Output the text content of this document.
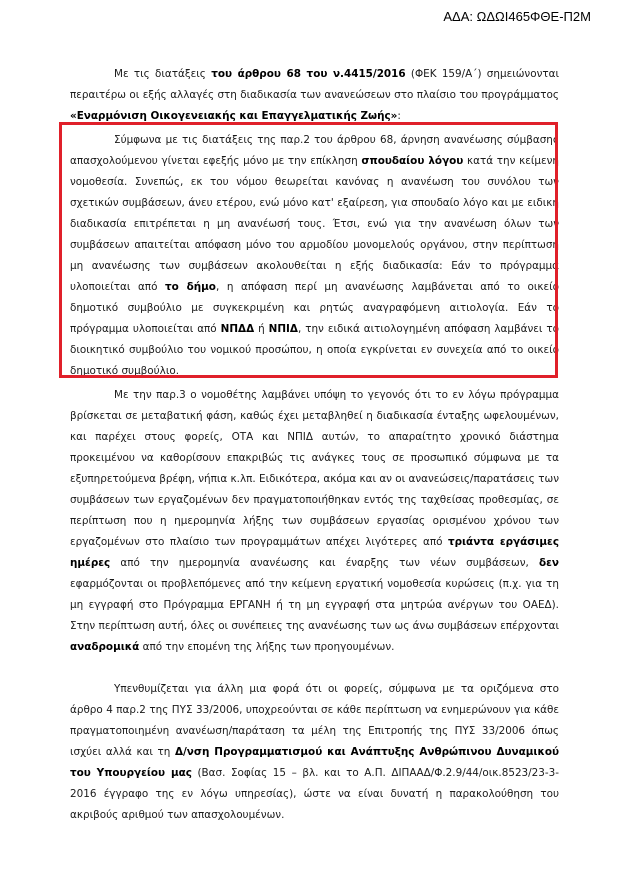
ΑΔΑ: ΩΔΩΙ465ΦΘΕ-Π2Μ

Με τις διατάξεις του άρθρου 68 του ν.4415/2016 (ΦΕΚ 159/Α΄) σημειώνονται περαιτέρω οι εξής αλλαγές στη διαδικασία των ανανεώσεων στο πλαίσιο του προγράμματος «Εναρμόνιση Οικογενειακής και Επαγγελματικής Ζωής»:

Σύμφωνα με τις διατάξεις της παρ.2 του άρθρου 68, άρνηση ανανέωσης σύμβασης απασχολούμενου γίνεται εφεξής μόνο με την επίκληση σπουδαίου λόγου κατά την κείμενη νομοθεσία. Συνεπώς, εκ του νόμου θεωρείται κανόνας η ανανέωση του συνόλου των σχετικών συμβάσεων, άνευ ετέρου, ενώ μόνο κατ' εξαίρεση, για σπουδαίο λόγο και με ειδική διαδικασία επιτρέπεται η μη ανανέωσή τους. Έτσι, ενώ για την ανανέωση όλων των συμβάσεων απαιτείται απόφαση μόνο του αρμοδίου μονομελούς οργάνου, στην περίπτωση μη ανανέωσης των συμβάσεων ακολουθείται η εξής διαδικασία: Εάν το πρόγραμμα υλοποιείται από το δήμο, η απόφαση περί μη ανανέωσης λαμβάνεται από το οικείο δημοτικό συμβούλιο με συγκεκριμένη και ρητώς αναγραφόμενη αιτιολογία. Εάν το πρόγραμμα υλοποιείται από ΝΠΔΔ ή ΝΠΙΔ, την ειδικά αιτιολογημένη απόφαση λαμβάνει το διοικητικό συμβούλιο του νομικού προσώπου, η οποία εγκρίνεται εν συνεχεία από το οικείο δημοτικό συμβούλιο.

Με την παρ.3 ο νομοθέτης λαμβάνει υπόψη το γεγονός ότι το εν λόγω πρόγραμμα βρίσκεται σε μεταβατική φάση, καθώς έχει μεταβληθεί η διαδικασία ένταξης ωφελουμένων, και παρέχει στους φορείς, ΟΤΑ και ΝΠΙΔ αυτών, το απαραίτητο χρονικό διάστημα προκειμένου να καθορίσουν επακριβώς τις ανάγκες τους σε προσωπικό σύμφωνα με τα εξυπηρετούμενα βρέφη, νήπια κ.λπ. Ειδικότερα, ακόμα και αν οι ανανεώσεις/παρατάσεις των συμβάσεων των εργαζομένων δεν πραγματοποιήθηκαν εντός της ταχθείσας προθεσμίας, σε περίπτωση που η ημερομηνία λήξης των συμβάσεων εργασίας ορισμένου χρόνου των εργαζομένων στο πλαίσιο των προγραμμάτων απέχει λιγότερες από τριάντα εργάσιμες ημέρες από την ημερομηνία ανανέωσης και έναρξης των νέων συμβάσεων, δεν εφαρμόζονται οι προβλεπόμενες από την κείμενη εργατική νομοθεσία κυρώσεις (π.χ. για τη μη εγγραφή στο Πρόγραμμα ΕΡΓΑΝΗ ή τη μη εγγραφή στα μητρώα ανέργων του ΟΑΕΔ). Στην περίπτωση αυτή, όλες οι συνέπειες της ανανέωσης των ως άνω συμβάσεων επέρχονται αναδρομικά από την επομένη της λήξης των προηγουμένων.

Υπενθυμίζεται για άλλη μια φορά ότι οι φορείς, σύμφωνα με τα οριζόμενα στο άρθρο 4 παρ.2 της ΠΥΣ 33/2006, υποχρεούνται σε κάθε περίπτωση να ενημερώνουν για κάθε πραγματοποιημένη ανανέωση/παράταση τα μέλη της Επιτροπής της ΠΥΣ 33/2006 όπως ισχύει αλλά και τη Δ/νση Προγραμματισμού και Ανάπτυξης Ανθρώπινου Δυναμικού του Υπουργείου μας (Βασ. Σοφίας 15 – βλ. και το Α.Π. ΔΙΠΑΑΔ/Φ.2.9/44/οικ.8523/23-3-2016 έγγραφο της εν λόγω υπηρεσίας), ώστε να είναι δυνατή η παρακολούθηση του ακριβούς αριθμού των απασχολουμένων.
